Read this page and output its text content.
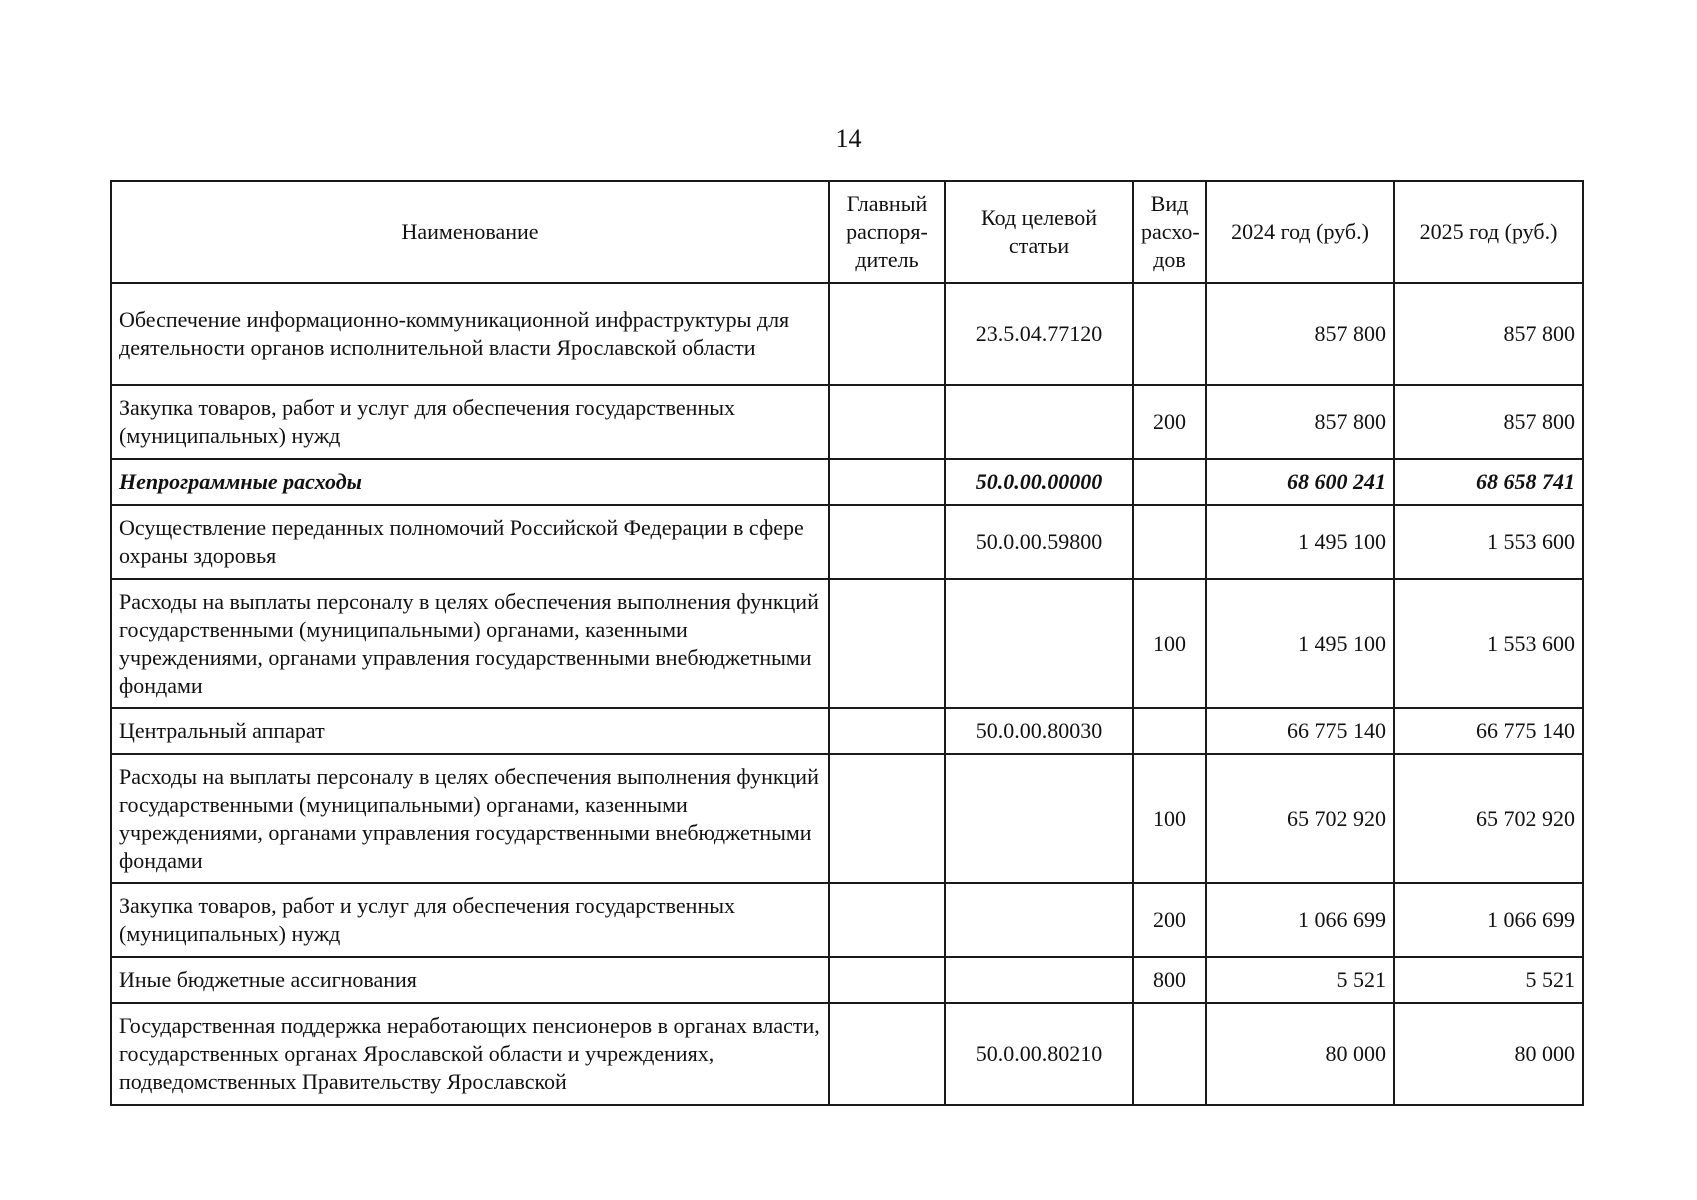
14
Наименование	Главный распоря-дитель	Код целевой статьи	Вид расхо-дов	2024 год (руб.)	2025 год (руб.)
Обеспечение информационно-коммуникационной инфраструктуры для деятельности органов исполнительной власти Ярославской области		23.5.04.77120		857 800	857 800
Закупка товаров, работ и услуг для обеспечения государственных (муниципальных) нужд			200	857 800	857 800
Непрограммные расходы		50.0.00.00000		68 600 241	68 658 741
Осуществление переданных полномочий Российской Федерации в сфере охраны здоровья		50.0.00.59800		1 495 100	1 553 600
Расходы на выплаты персоналу в целях обеспечения выполнения функций государственными (муниципальными) органами, казенными учреждениями, органами управления государственными внебюджетными фондами			100	1 495 100	1 553 600
Центральный аппарат		50.0.00.80030		66 775 140	66 775 140
Расходы на выплаты персоналу в целях обеспечения выполнения функций государственными (муниципальными) органами, казенными учреждениями, органами управления государственными внебюджетными фондами			100	65 702 920	65 702 920
Закупка товаров, работ и услуг для обеспечения государственных (муниципальных) нужд			200	1 066 699	1 066 699
Иные бюджетные ассигнования			800	5 521	5 521
Государственная поддержка неработающих пенсионеров в органах власти, государственных органах Ярославской области и учреждениях, подведомственных Правительству Ярославской		50.0.00.80210		80 000	80 000
